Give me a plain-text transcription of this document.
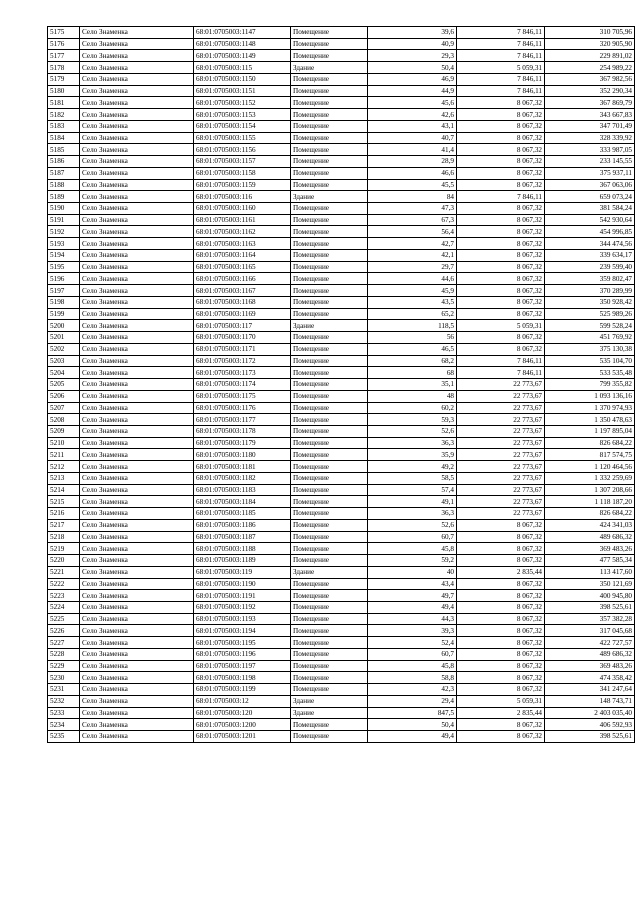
5175	Село Знаменка	68:01:0705003:1147	Помещение	39,6	7 846,11	310 705,96
5176	Село Знаменка	68:01:0705003:1148	Помещение	40,9	7 846,11	320 905,90
5177	Село Знаменка	68:01:0705003:1149	Помещение	29,3	7 846,11	229 891,02
5178	Село Знаменка	68:01:0705003:115	Здание	50,4	5 059,31	254 989,22
5179	Село Знаменка	68:01:0705003:1150	Помещение	46,9	7 846,11	367 982,56
5180	Село Знаменка	68:01:0705003:1151	Помещение	44,9	7 846,11	352 290,34
5181	Село Знаменка	68:01:0705003:1152	Помещение	45,6	8 067,32	367 869,79
5182	Село Знаменка	68:01:0705003:1153	Помещение	42,6	8 067,32	343 667,83
5183	Село Знаменка	68:01:0705003:1154	Помещение	43,1	8 067,32	347 701,49
5184	Село Знаменка	68:01:0705003:1155	Помещение	40,7	8 067,32	328 339,92
5185	Село Знаменка	68:01:0705003:1156	Помещение	41,4	8 067,32	333 987,05
5186	Село Знаменка	68:01:0705003:1157	Помещение	28,9	8 067,32	233 145,55
5187	Село Знаменка	68:01:0705003:1158	Помещение	46,6	8 067,32	375 937,11
5188	Село Знаменка	68:01:0705003:1159	Помещение	45,5	8 067,32	367 063,06
5189	Село Знаменка	68:01:0705003:116	Здание	84	7 846,11	659 073,24
5190	Село Знаменка	68:01:0705003:1160	Помещение	47,3	8 067,32	381 584,24
5191	Село Знаменка	68:01:0705003:1161	Помещение	67,3	8 067,32	542 930,64
5192	Село Знаменка	68:01:0705003:1162	Помещение	56,4	8 067,32	454 996,85
5193	Село Знаменка	68:01:0705003:1163	Помещение	42,7	8 067,32	344 474,56
5194	Село Знаменка	68:01:0705003:1164	Помещение	42,1	8 067,32	339 634,17
5195	Село Знаменка	68:01:0705003:1165	Помещение	29,7	8 067,32	239 599,40
5196	Село Знаменка	68:01:0705003:1166	Помещение	44,6	8 067,32	359 802,47
5197	Село Знаменка	68:01:0705003:1167	Помещение	45,9	8 067,32	370 289,99
5198	Село Знаменка	68:01:0705003:1168	Помещение	43,5	8 067,32	350 928,42
5199	Село Знаменка	68:01:0705003:1169	Помещение	65,2	8 067,32	525 989,26
5200	Село Знаменка	68:01:0705003:117	Здание	118,5	5 059,31	599 528,24
5201	Село Знаменка	68:01:0705003:1170	Помещение	56	8 067,32	451 769,92
5202	Село Знаменка	68:01:0705003:1171	Помещение	46,5	8 067,32	375 130,38
5203	Село Знаменка	68:01:0705003:1172	Помещение	68,2	7 846,11	535 104,70
5204	Село Знаменка	68:01:0705003:1173	Помещение	68	7 846,11	533 535,48
5205	Село Знаменка	68:01:0705003:1174	Помещение	35,1	22 773,67	799 355,82
5206	Село Знаменка	68:01:0705003:1175	Помещение	48	22 773,67	1 093 136,16
5207	Село Знаменка	68:01:0705003:1176	Помещение	60,2	22 773,67	1 370 974,93
5208	Село Знаменка	68:01:0705003:1177	Помещение	59,3	22 773,67	1 350 478,63
5209	Село Знаменка	68:01:0705003:1178	Помещение	52,6	22 773,67	1 197 895,04
5210	Село Знаменка	68:01:0705003:1179	Помещение	36,3	22 773,67	826 684,22
5211	Село Знаменка	68:01:0705003:1180	Помещение	35,9	22 773,67	817 574,75
5212	Село Знаменка	68:01:0705003:1181	Помещение	49,2	22 773,67	1 120 464,56
5213	Село Знаменка	68:01:0705003:1182	Помещение	58,5	22 773,67	1 332 259,69
5214	Село Знаменка	68:01:0705003:1183	Помещение	57,4	22 773,67	1 307 208,66
5215	Село Знаменка	68:01:0705003:1184	Помещение	49,1	22 773,67	1 118 187,20
5216	Село Знаменка	68:01:0705003:1185	Помещение	36,3	22 773,67	826 684,22
5217	Село Знаменка	68:01:0705003:1186	Помещение	52,6	8 067,32	424 341,03
5218	Село Знаменка	68:01:0705003:1187	Помещение	60,7	8 067,32	489 686,32
5219	Село Знаменка	68:01:0705003:1188	Помещение	45,8	8 067,32	369 483,26
5220	Село Знаменка	68:01:0705003:1189	Помещение	59,2	8 067,32	477 585,34
5221	Село Знаменка	68:01:0705003:119	Здание	40	2 835,44	113 417,60
5222	Село Знаменка	68:01:0705003:1190	Помещение	43,4	8 067,32	350 121,69
5223	Село Знаменка	68:01:0705003:1191	Помещение	49,7	8 067,32	400 945,80
5224	Село Знаменка	68:01:0705003:1192	Помещение	49,4	8 067,32	398 525,61
5225	Село Знаменка	68:01:0705003:1193	Помещение	44,3	8 067,32	357 382,28
5226	Село Знаменка	68:01:0705003:1194	Помещение	39,3	8 067,32	317 045,68
5227	Село Знаменка	68:01:0705003:1195	Помещение	52,4	8 067,32	422 727,57
5228	Село Знаменка	68:01:0705003:1196	Помещение	60,7	8 067,32	489 686,32
5229	Село Знаменка	68:01:0705003:1197	Помещение	45,8	8 067,32	369 483,26
5230	Село Знаменка	68:01:0705003:1198	Помещение	58,8	8 067,32	474 358,42
5231	Село Знаменка	68:01:0705003:1199	Помещение	42,3	8 067,32	341 247,64
5232	Село Знаменка	68:01:0705003:12	Здание	29,4	5 059,31	148 743,71
5233	Село Знаменка	68:01:0705003:120	Здание	847,5	2 835,44	2 403 035,40
5234	Село Знаменка	68:01:0705003:1200	Помещение	50,4	8 067,32	406 592,93
5235	Село Знаменка	68:01:0705003:1201	Помещение	49,4	8 067,32	398 525,61
